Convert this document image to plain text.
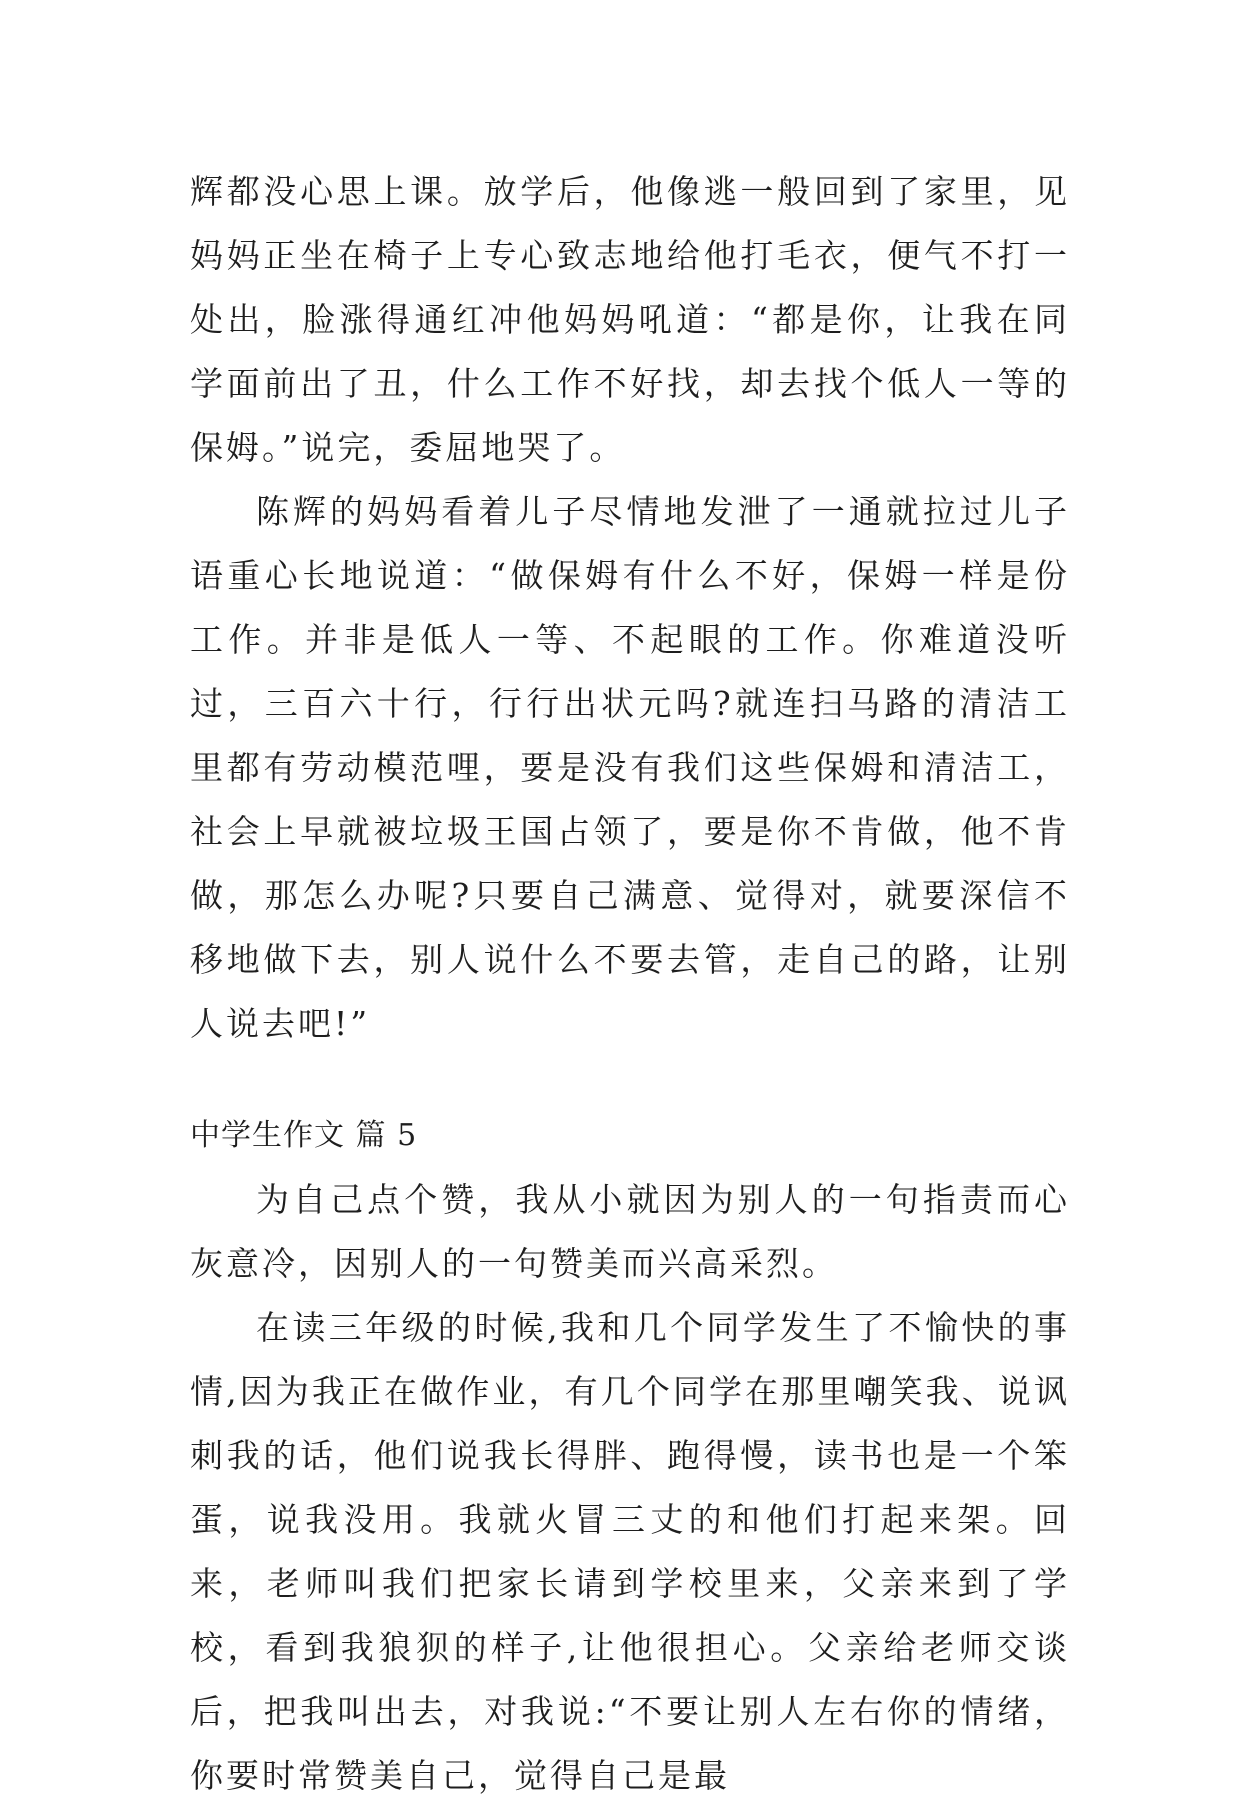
辉都没心思上课。放学后，他像逃一般回到了家里，见妈妈正坐在椅子上专心致志地给他打毛衣，便气不打一处出，脸涨得通红冲他妈妈吼道：“都是你，让我在同学面前出了丑，什么工作不好找，却去找个低人一等的保姆。”说完，委屈地哭了。

陈辉的妈妈看着儿子尽情地发泄了一通就拉过儿子语重心长地说道：“做保姆有什么不好，保姆一样是份工作。并非是低人一等、不起眼的工作。你难道没听过，三百六十行，行行出状元吗?就连扫马路的清洁工里都有劳动模范哩，要是没有我们这些保姆和清洁工，社会上早就被垃圾王国占领了，要是你不肯做，他不肯做，那怎么办呢?只要自己满意、觉得对，就要深信不移地做下去，别人说什么不要去管，走自己的路，让别人说去吧!”

中学生作文 篇 5

为自己点个赞，我从小就因为别人的一句指责而心灰意冷，因别人的一句赞美而兴高采烈。

在读三年级的时候,我和几个同学发生了不愉快的事情,因为我正在做作业，有几个同学在那里嘲笑我、说讽刺我的话，他们说我长得胖、跑得慢，读书也是一个笨蛋，说我没用。我就火冒三丈的和他们打起来架。回来，老师叫我们把家长请到学校里来，父亲来到了学校，看到我狼狈的样子,让他很担心。父亲给老师交谈后，把我叫出去，对我说:“不要让别人左右你的情绪，你要时常赞美自己，觉得自己是最
